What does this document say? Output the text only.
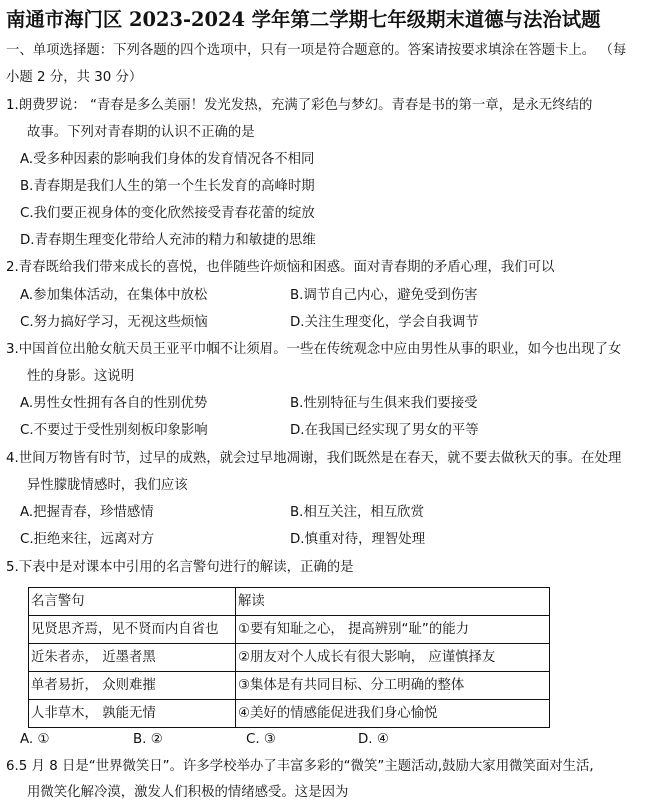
南通市海门区 2023-2024 学年第二学期七年级期末道德与法治试题
一、单项选择题：下列各题的四个选项中，只有一项是符合题意的。答案请按要求填涂在答题卡上。 （每
小题 2 分，共 30 分）
1.朗费罗说： “青春是多么美丽！发光发热，充满了彩色与梦幻。青春是书的第一章，是永无终结的
故事。下列对青春期的认识不正确的是
A.受多种因素的影响我们身体的发育情况各不相同
B.青春期是我们人生的第一个生长发育的高峰时期
C.我们要正视身体的变化欣然接受青春花蕾的绽放
D.青春期生理变化带给人充沛的精力和敏捷的思维
2.青春既给我们带来成长的喜悦，也伴随些许烦恼和困惑。面对青春期的矛盾心理，我们可以
A.参加集体活动，在集体中放松	B.调节自己内心，避免受到伤害
C.努力搞好学习，无视这些烦恼	D.关注生理变化，学会自我调节
3.中国首位出舱女航天员王亚平巾帼不让须眉。一些在传统观念中应由男性从事的职业，如今也出现了女
性的身影。这说明
A.男性女性拥有各自的性别优势	B.性别特征与生俱来我们要接受
C.不要过于受性别刻板印象影响	D.在我国已经实现了男女的平等
4.世间万物皆有时节，过早的成熟，就会过早地凋谢，我们既然是在春天，就不要去做秋天的事。在处理
异性朦胧情感时，我们应该
A.把握青春，珍惜感情	B.相互关注，相互欣赏
C.拒绝来往，远离对方	D.慎重对待，理智处理
5.下表中是对课本中引用的名言警句进行的解读，正确的是
名言警句	解读
见贤思齐焉，见不贤而内自省也	①要有知耻之心， 提高辨别“耻”的能力
近朱者赤， 近墨者黑	②朋友对个人成长有很大影响， 应谨慎择友
单者易折， 众则难摧	③集体是有共同目标、分工明确的整体
人非草木， 孰能无情	④美好的情感能促进我们身心愉悦
A. ①	B. ②	C. ③	D. ④
6.5 月 8 日是“世界微笑日”。许多学校举办了丰富多彩的“微笑”主题活动,鼓励大家用微笑面对生活,
用微笑化解冷漠，激发人们积极的情绪感受。这是因为
